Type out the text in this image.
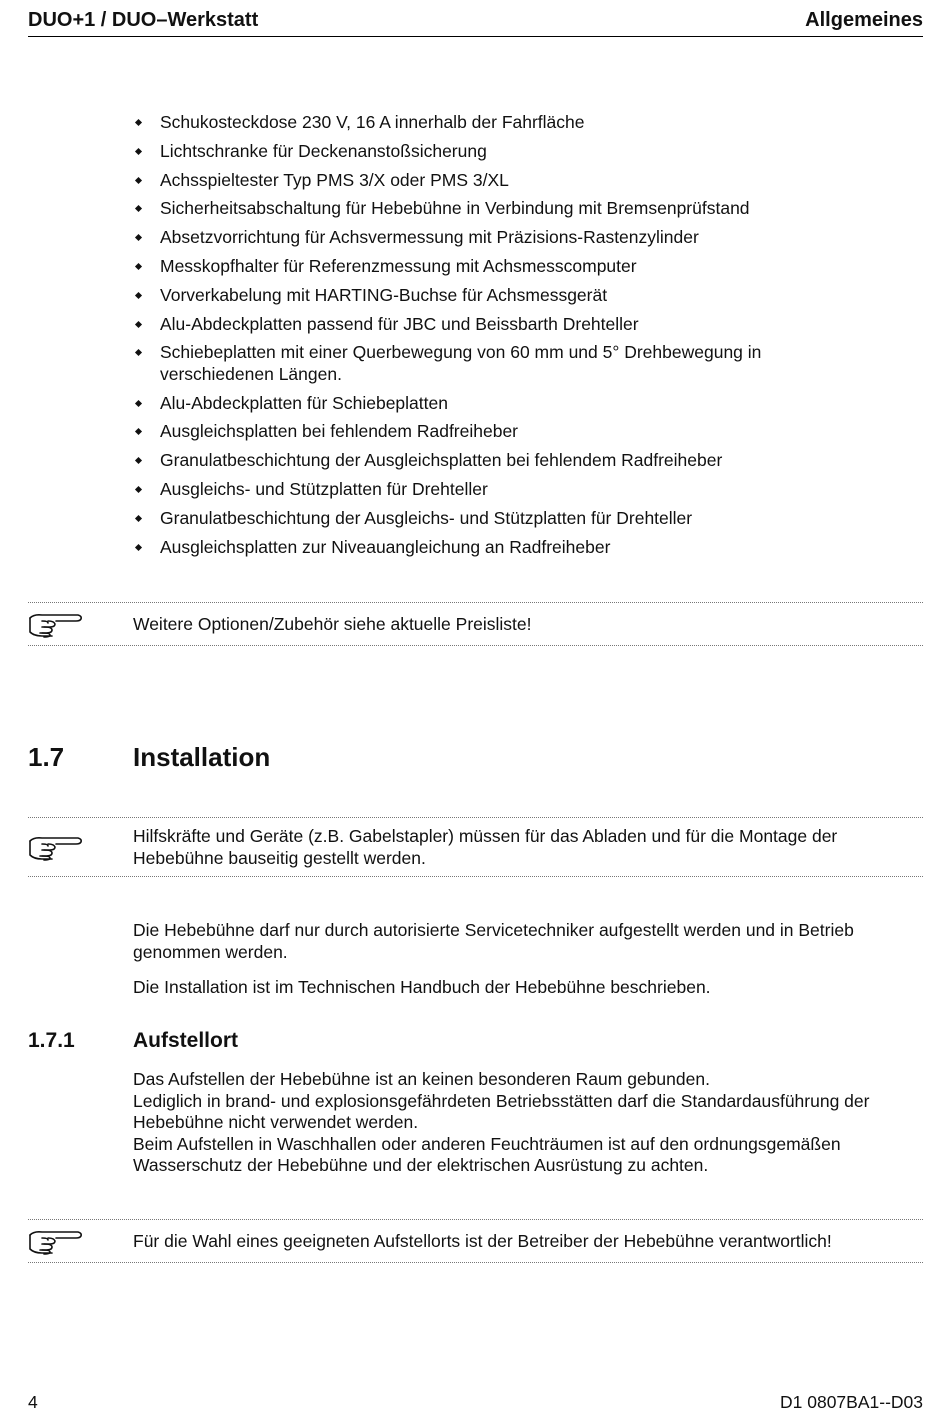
DUO+1 / DUO–Werkstatt	Allgemeines
Schukosteckdose 230 V, 16 A innerhalb der Fahrfläche
Lichtschranke für Deckenanstoßsicherung
Achsspieltester Typ PMS 3/X oder PMS 3/XL
Sicherheitsabschaltung für Hebebühne in Verbindung mit Bremsenprüfstand
Absetzvorrichtung für Achsvermessung mit Präzisions-Rastenzylinder
Messkopfhalter für Referenzmessung mit Achsmesscomputer
Vorverkabelung mit HARTING-Buchse für Achsmessgerät
Alu-Abdeckplatten passend für JBC und Beissbarth Drehteller
Schiebeplatten mit einer Querbewegung von 60 mm und 5° Drehbewegung in verschiedenen Längen.
Alu-Abdeckplatten für Schiebeplatten
Ausgleichsplatten bei fehlendem Radfreiheber
Granulatbeschichtung der Ausgleichsplatten bei fehlendem Radfreiheber
Ausgleichs- und Stützplatten für Drehteller
Granulatbeschichtung der Ausgleichs- und Stützplatten für Drehteller
Ausgleichsplatten zur Niveauangleichung an Radfreiheber
Weitere Optionen/Zubehör siehe aktuelle Preisliste!
1.7	Installation
Hilfskräfte und Geräte (z.B. Gabelstapler) müssen für das Abladen und für die Montage der Hebebühne bauseitig gestellt werden.

Die Hebebühne darf nur durch autorisierte Servicetechniker aufgestellt werden und in Betrieb genommen werden.

Die Installation ist im Technischen Handbuch der Hebebühne beschrieben.

1.7.1	Aufstellort
Das Aufstellen der Hebebühne ist an keinen besonderen Raum gebunden.
Lediglich in brand- und explosionsgefährdeten Betriebsstätten darf die Standardausführung der Hebebühne nicht verwendet werden.
Beim Aufstellen in Waschhallen oder anderen Feuchträumen ist auf den ordnungsgemäßen Wasserschutz der Hebebühne und der elektrischen Ausrüstung zu achten.
Für die Wahl eines geeigneten Aufstellorts ist der Betreiber der Hebebühne verantwortlich!
4	D1 0807BA1--D03
